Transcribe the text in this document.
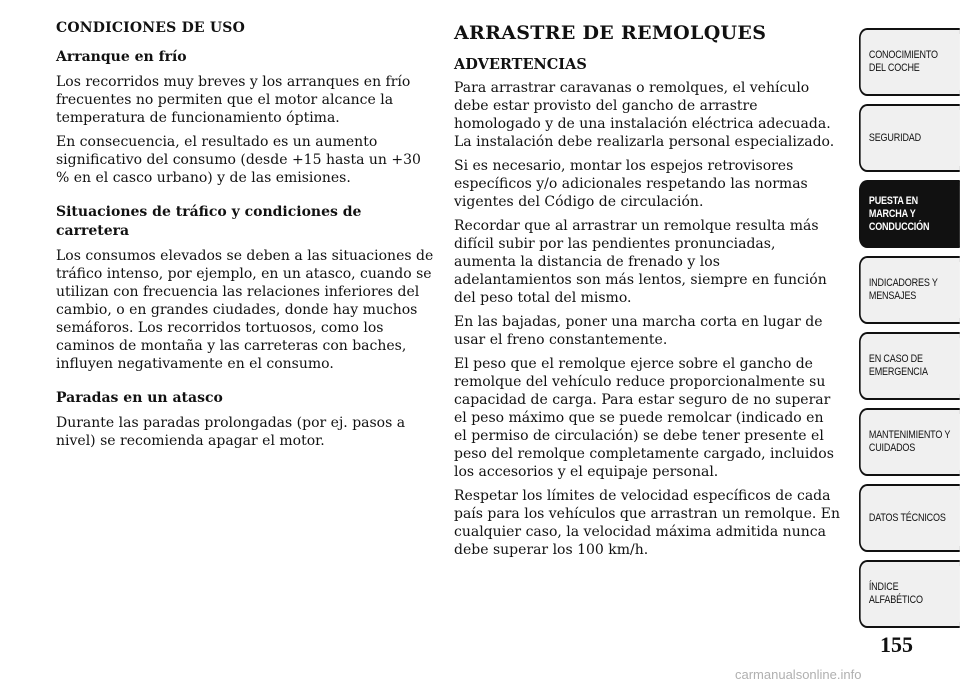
CONDICIONES DE USO
Arranque en frío

Los recorridos muy breves y los arranques en frío frecuentes no permiten que el motor alcance la temperatura de funcionamiento óptima.

En consecuencia, el resultado es un aumento significativo del consumo (desde +15 hasta un +30 % en el casco urbano) y de las emisiones.

Situaciones de tráfico y condiciones de carretera

Los consumos elevados se deben a las situaciones de tráfico intenso, por ejemplo, en un atasco, cuando se utilizan con frecuencia las relaciones inferiores del cambio, o en grandes ciudades, donde hay muchos semáforos. Los recorridos tortuosos, como los caminos de montaña y las carreteras con baches, influyen negativamente en el consumo.

Paradas en un atasco

Durante las paradas prolongadas (por ej. pasos a nivel) se recomienda apagar el motor.

ARRASTRE DE REMOLQUES
ADVERTENCIAS

Para arrastrar caravanas o remolques, el vehículo debe estar provisto del gancho de arrastre homologado y de una instalación eléctrica adecuada. La instalación debe realizarla personal especializado.

Si es necesario, montar los espejos retrovisores específicos y/o adicionales respetando las normas vigentes del Código de circulación.

Recordar que al arrastrar un remolque resulta más difícil subir por las pendientes pronunciadas, aumenta la distancia de frenado y los adelantamientos son más lentos, siempre en función del peso total del mismo.

En las bajadas, poner una marcha corta en lugar de usar el freno constantemente.

El peso que el remolque ejerce sobre el gancho de remolque del vehículo reduce proporcionalmente su capacidad de carga. Para estar seguro de no superar el peso máximo que se puede remolcar (indicado en el permiso de circulación) se debe tener presente el peso del remolque completamente cargado, incluidos los accesorios y el equipaje personal.

Respetar los límites de velocidad específicos de cada país para los vehículos que arrastran un remolque. En cualquier caso, la velocidad máxima admitida nunca debe superar los 100 km/h.

CONOCIMIENTO
DEL COCHE
SEGURIDAD
PUESTA EN
MARCHA Y
CONDUCCIÓN
INDICADORES Y
MENSAJES
EN CASO DE
EMERGENCIA
MANTENIMIENTO Y
CUIDADOS
DATOS TÉCNICOS
ÍNDICE
ALFABÉTICO
155
carmanualsonline.info
